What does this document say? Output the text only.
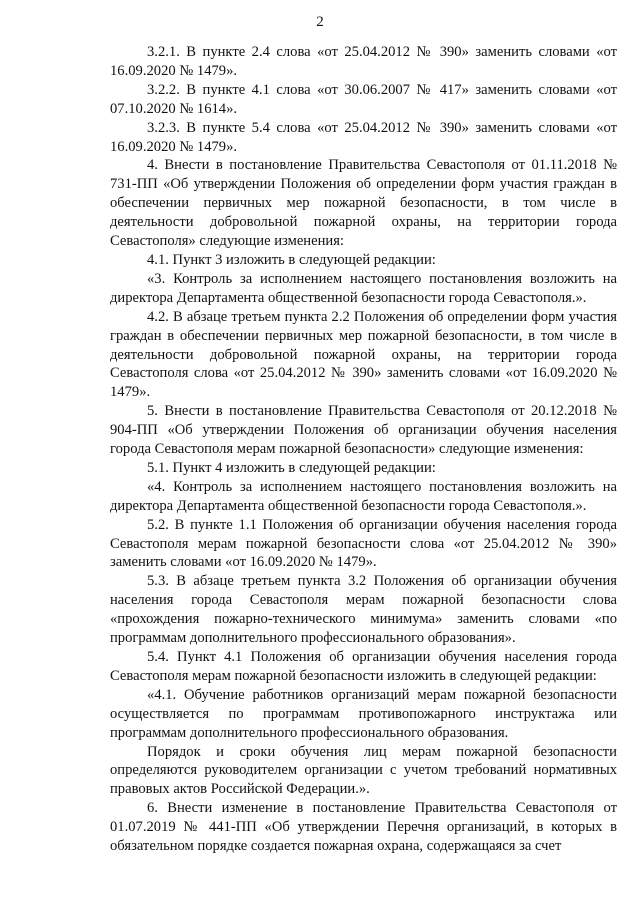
2

3.2.1. В пункте 2.4 слова «от 25.04.2012 № 390» заменить словами «от 16.09.2020 № 1479».

3.2.2. В пункте 4.1 слова «от 30.06.2007 № 417» заменить словами «от 07.10.2020 № 1614».

3.2.3. В пункте 5.4 слова «от 25.04.2012 № 390» заменить словами «от 16.09.2020 № 1479».

4. Внести в постановление Правительства Севастополя от 01.11.2018 № 731-ПП «Об утверждении Положения об определении форм участия граждан в обеспечении первичных мер пожарной безопасности, в том числе в деятельности добровольной пожарной охраны, на территории города Севастополя» следующие изменения:

4.1. Пункт 3 изложить в следующей редакции:

«3. Контроль за исполнением настоящего постановления возложить на директора Департамента общественной безопасности города Севастополя.».

4.2. В абзаце третьем пункта 2.2 Положения об определении форм участия граждан в обеспечении первичных мер пожарной безопасности, в том числе в деятельности добровольной пожарной охраны, на территории города Севастополя слова «от 25.04.2012 № 390» заменить словами «от 16.09.2020 № 1479».

5. Внести в постановление Правительства Севастополя от 20.12.2018 № 904-ПП «Об утверждении Положения об организации обучения населения города Севастополя мерам пожарной безопасности» следующие изменения:

5.1. Пункт 4 изложить в следующей редакции:

«4. Контроль за исполнением настоящего постановления возложить на директора Департамента общественной безопасности города Севастополя.».

5.2. В пункте 1.1 Положения об организации обучения населения города Севастополя мерам пожарной безопасности слова «от 25.04.2012 № 390» заменить словами «от 16.09.2020 № 1479».

5.3. В абзаце третьем пункта 3.2 Положения об организации обучения населения города Севастополя мерам пожарной безопасности слова «прохождения пожарно-технического минимума» заменить словами «по программам дополнительного профессионального образования».

5.4. Пункт 4.1 Положения об организации обучения населения города Севастополя мерам пожарной безопасности изложить в следующей редакции:

«4.1. Обучение работников организаций мерам пожарной безопасности осуществляется по программам противопожарного инструктажа или программам дополнительного профессионального образования.

Порядок и сроки обучения лиц мерам пожарной безопасности определяются руководителем организации с учетом требований нормативных правовых актов Российской Федерации.».

6. Внести изменение в постановление Правительства Севастополя от 01.07.2019 № 441-ПП «Об утверждении Перечня организаций, в которых в обязательном порядке создается пожарная охрана, содержащаяся за счет
